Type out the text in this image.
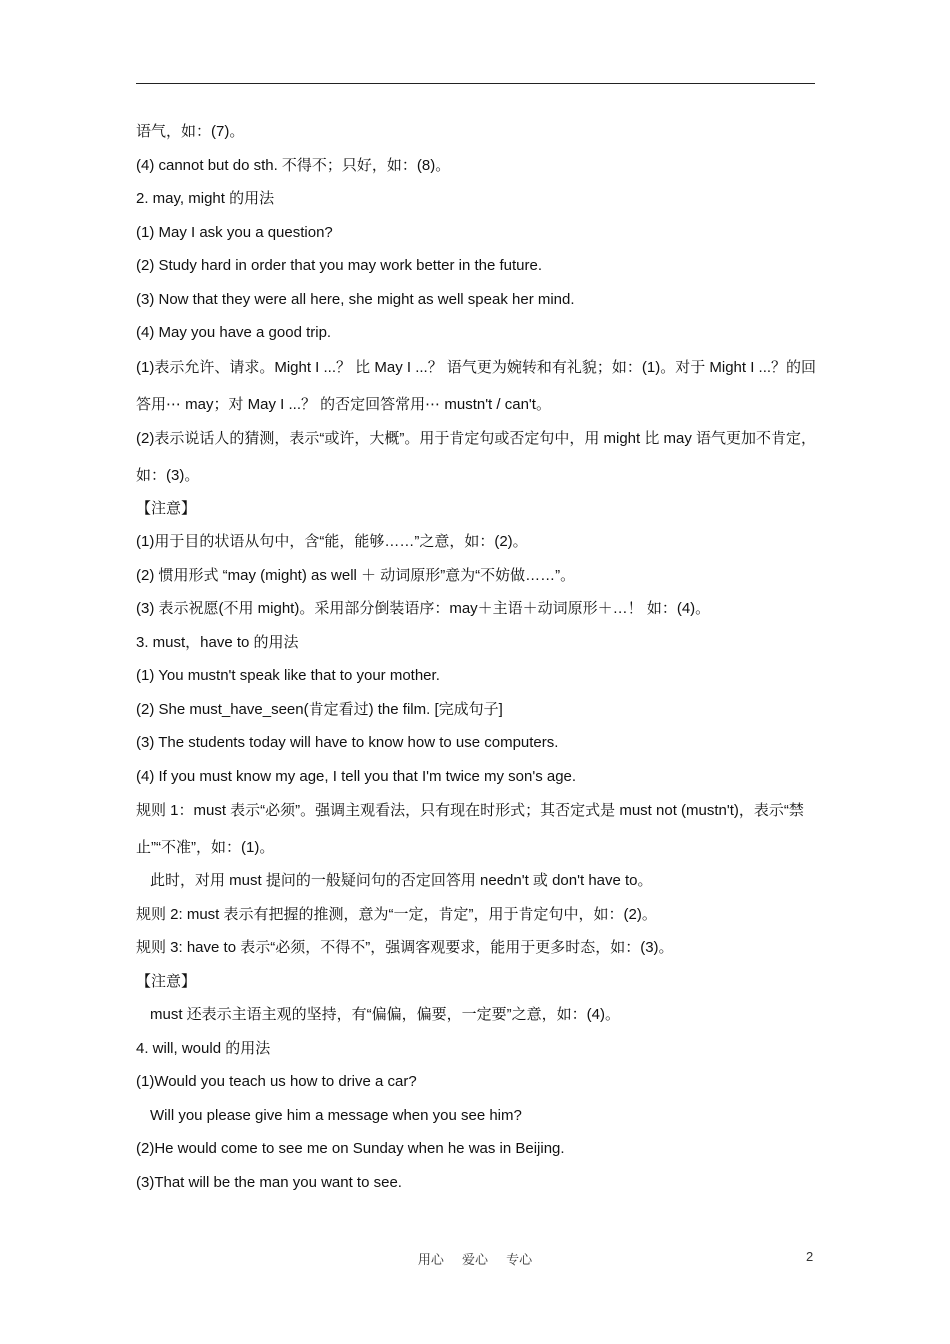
语气，如：(7)。
(4) cannot but do sth. 不得不；只好，如：(8)。
2. may, might 的用法
(1) May I ask you a question?
(2) Study hard in order that you may work better in the future.
(3) Now that they were all here, she might as well speak her mind.
(4) May you have a good trip.
(1)表示允许、请求。Might I ...？ 比 May I ...？ 语气更为婉转和有礼貌；如：(1)。对于 Might I ...？的回答用⋯ may；对 May I ...？ 的否定回答常用⋯ mustn't / can't。
(2)表示说话人的猜测，表示“或许，大概”。用于肯定句或否定句中，用 might 比 may 语气更加不肯定，如：(3)。
【注意】
(1)用于目的状语从句中，含“能，能够……”之意，如：(2)。
(2) 惯用形式 “may (might) as well ＋ 动词原形”意为“不妨做……”。
(3) 表示祝愿(不用 might)。采用部分倒装语序：may＋主语＋动词原形＋…！ 如：(4)。
3. must，have to 的用法
(1) You mustn't speak like that to your mother.
(2) She must_have_seen(肯定看过) the film. [完成句子]
(3) The students today will have to know how to use computers.
(4) If you must know my age, I tell you that I'm twice my son's age.
规则 1：must 表示“必须”。强调主观看法，只有现在时形式；其否定式是 must not (mustn't)，表示“禁止”“不准”，如：(1)。
此时，对用 must 提问的一般疑问句的否定回答用 needn't 或 don't have to。
规则 2: must 表示有把握的推测，意为“一定，肯定”，用于肯定句中，如：(2)。
规则 3: have to 表示“必须，不得不”，强调客观要求，能用于更多时态，如：(3)。
【注意】
must 还表示主语主观的坚持，有“偏偏，偏要，一定要”之意，如：(4)。
4. will, would 的用法
(1)Would you teach us how to drive a car?
Will you please give him a message when you see him?
(2)He would come to see me on Sunday when he was in Beijing.
(3)That will be the man you want to see.
用心 爱心 专心	2
